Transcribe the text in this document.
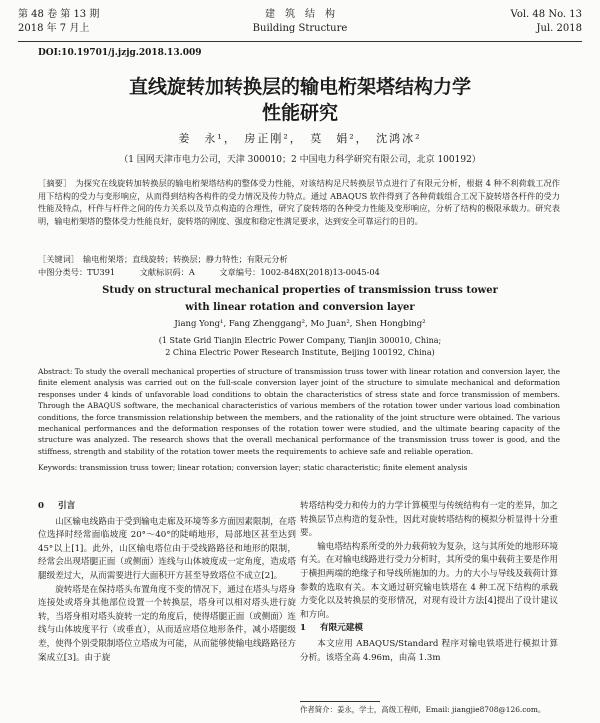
第 48 卷 第 13 期
2018 年 7 月上
建　筑　结　构
Building Structure
Vol. 48 No. 13
Jul. 2018
DOI:10.19701/j.jzjg.2018.13.009
直线旋转加转换层的输电桁架塔结构力学
性能研究
姜　永¹，　房正刚²，　莫　娟²，　沈鸿冰²
（1 国网天津市电力公司，天津 300010；2 中国电力科学研究有限公司，北京 100192）
［摘要］　为探究在线旋转加转换层的输电桁架塔结构的整体受力性能，对该结构足尺转换层节点进行了有限元分析，根据 4 种不利荷载工况作用下结构的受力与变形响应，从而得到结构各构件的受力情况及传力特点。通过 ABAQUS 软件得到了各种荷载组合工况下旋转塔各杆件的受力性能及特点，杆件与杆件之间的传力关系以及节点构造的合理性，研究了旋转塔的各种受力性能及变形响应，分析了结构的极限承载力。研究表明，输电桁架塔的整体受力性能良好，旋转塔的刚度、强度和稳定性满足要求，达到安全可靠运行的目的。
［关键词］　输电桁架塔；直线旋转；转换层；静力特性；有限元分析
中图分类号：TU391	文献标识码：A	文章编号：1002-848X(2018)13-0045-04
Study on structural mechanical properties of transmission truss tower
with linear rotation and conversion layer
Jiang Yong¹, Fang Zhenggang², Mo Juan², Shen Hongbing²
(1 State Grid Tianjin Electric Power Company, Tianjin 300010, China;
2 China Electric Power Research Institute, Beijing 100192, China)
Abstract: To study the overall mechanical properties of structure of transmission truss tower with linear rotation and conversion layer, the finite element analysis was carried out on the full-scale conversion layer joint of the structure to simulate mechanical and deformation responses under 4 kinds of unfavorable load conditions to obtain the characteristics of stress state and force transmission of members. Through the ABAQUS software, the mechanical characteristics of various members of the rotation tower under various load combination conditions, the force transmission relationship between the members, and the rationality of the joint structure were obtained. The various mechanical performances and the deformation responses of the rotation tower were studied, and the ultimate bearing capacity of the structure was analyzed. The research shows that the overall mechanical performance of the transmission truss tower is good, and the stiffness, strength and stability of the rotation tower meets the requirements to achieve safe and reliable operation.
Keywords: transmission truss tower; linear rotation; conversion layer; static characteristic; finite element analysis
0 引言

山区输电线路由于受到输电走廊及环境等多方面因素限制，在塔位选择时经常面临坡度 20°～40°的陡峭地形，局部地区甚至达到 45°以上[1]。此外，山区输电塔位由于受线路路径和地形的限制，经常会出现塔腿正面（或侧面）连线与山体坡度成一定角度，造成塔腿级差过大，从而需要进行大面积开方甚至导致塔位不成立[2]。

旋转塔是在保持塔头布置角度不变的情况下，通过在塔头与塔身连接处或塔身其他部位设置一个转换层，塔身可以相对塔头进行旋转，当塔身相对塔头旋转一定的角度后，使得塔腿正面（或侧面）连线与山体坡度平行（或垂直），从而适应塔位地形条件，减小塔腿级差，使得个别受限制塔位立塔成为可能，从而能够使输电线路路径方案成立[3]。由于旋

转塔结构受力和传力的力学计算模型与传统结构有一定的差异，加之转换层节点构造的复杂性，因此对旋转塔结构的模拟分析显得十分重要。

输电塔结构系所受的外力载荷较为复杂，这与其所处的地形环境有关。在对输电线路进行受力分析时，其所受的集中载荷主要是作用于横担两端的绝缘子和导线所施加的力。力的大小与导线及载荷计算参数的选取有关。本文通过研究输电铁塔在 4 种工况下结构的承载力变化以及转换层的变形情况，对现有设计方法[4]提出了设计建议和方向。

1 有限元建模

本文应用 ABAQUS/Standard 程序对输电铁塔进行模拟计算分析。该塔全高 4.96m，由高 1.3m

作者简介：姜永，学士，高级工程师，Email: jiangjie8708@126.com。
